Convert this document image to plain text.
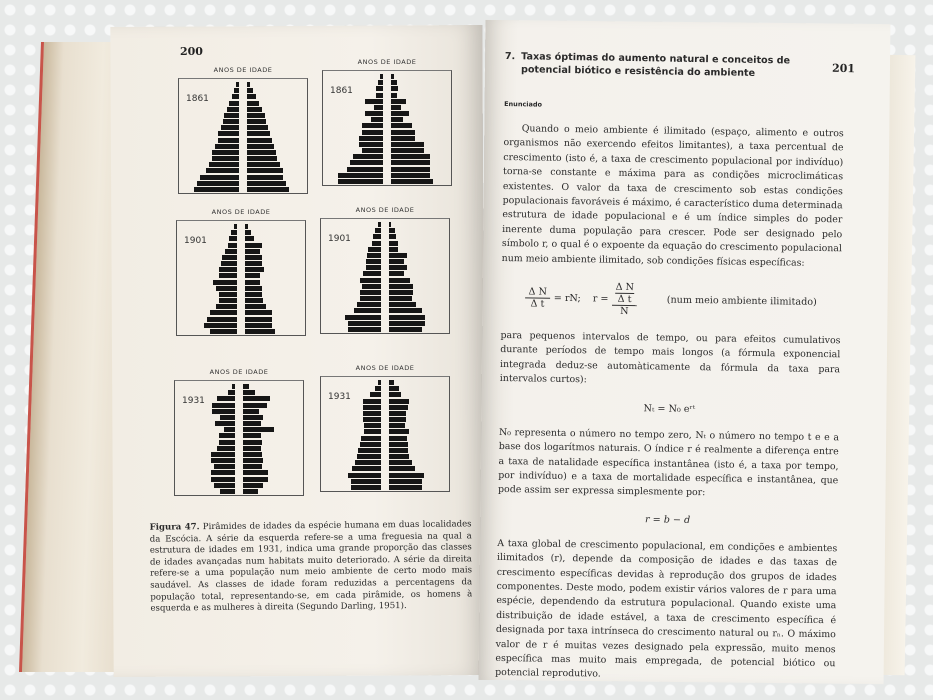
200
ANOS DE IDADE
1861
ANOS DE IDADE
1861
ANOS DE IDADE
1901
ANOS DE IDADE
1901
ANOS DE IDADE
1931
ANOS DE IDADE
1931
Figura 47. Pirâmides de idades da espécie humana em duas localidades da Escócia. A série da esquerda refere-se a uma freguesia na qual a estrutura de idades em 1931, indica uma grande proporção das classes de idades avançadas num habitats muito deteriorado. A série da direita refere-se a uma população num meio ambiente de certo modo mais saudável. As classes de idade foram reduzidas a percentagens da população total, representando-se, em cada pirâmide, os homens à esquerda e as mulheres à direita (Segundo Darling, 1951).
201
7. Taxas óptimas do aumento natural e conceitos de potencial biótico e resistência do ambiente
Enunciado

Quando o meio ambiente é ilimitado (espaço, alimento e outros organismos não exercendo efeitos limitantes), a taxa percentual de crescimento (isto é, a taxa de crescimento populacional por indivíduo) torna-se constante e máxima para as condições microclimáticas existentes. O valor da taxa de crescimento sob estas condições populacionais favoráveis é máximo, é característico duma determinada estrutura de idade populacional e é um índice simples do poder inerente duma população para crescer. Pode ser designado pelo símbolo r, o qual é o expoente da equação do crescimento populacional num meio ambiente ilimitado, sob condições físicas específicas:

$\frac{\text{Δ N}}{\text{Δ t}}$ = rN; $r = \frac{\frac{\text{Δ N}}{\text{Δ t}}}{N}$	(num meio ambiente ilimitado)

para pequenos intervalos de tempo, ou para efeitos cumulativos durante períodos de tempo mais longos (a fórmula exponencial integrada deduz-se automàticamente da fórmula da taxa para intervalos curtos):

Nₜ = N₀ eʳᵗ

N₀ representa o número no tempo zero, Nₜ o número no tempo t e e a base dos logarítmos naturais. O índice r é realmente a diferença entre a taxa de natalidade específica instantânea (isto é, a taxa por tempo, por indivíduo) e a taxa de mortalidade específica e instantânea, que pode assim ser expressa simplesmente por:

r = b − d

A taxa global de crescimento populacional, em condições e ambientes ilimitados (r), depende da composição de idades e das taxas de crescimento específicas devidas à reprodução dos grupos de idades componentes. Deste modo, podem existir vários valores de r para uma espécie, dependendo da estrutura populacional. Quando existe uma distribuição de idade estável, a taxa de crescimento específica é designada por taxa intrínseca do crescimento natural ou rₙ. O máximo valor de r é muitas vezes designado pela expressão, muito menos específica mas muito mais empregada, de potencial biótico ou potencial reprodutivo.
